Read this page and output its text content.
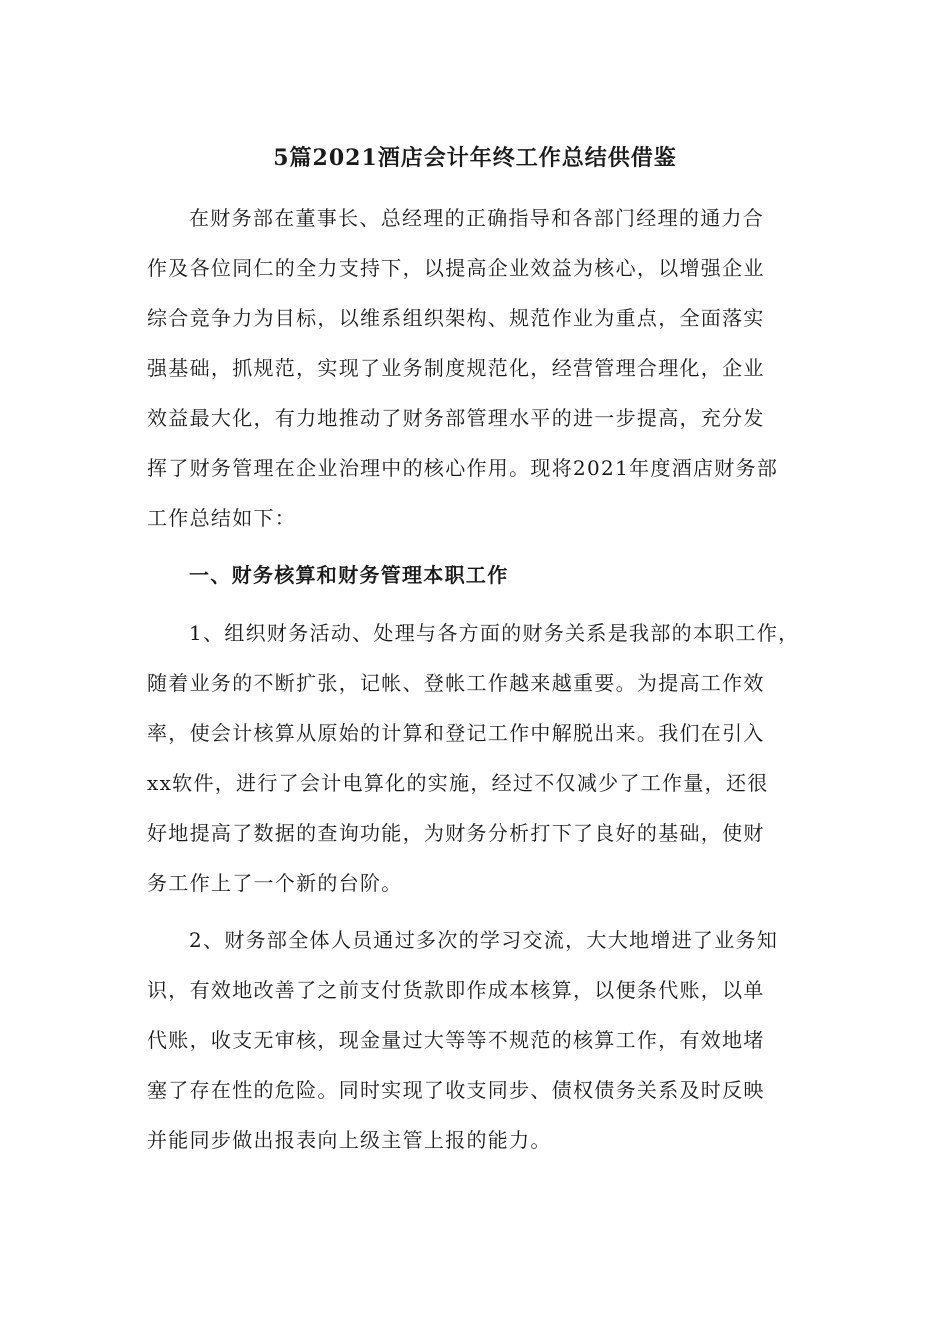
5篇2021酒店会计年终工作总结供借鉴
在财务部在董事长、总经理的正确指导和各部门经理的通力合
作及各位同仁的全力支持下，以提高企业效益为核心，以增强企业
综合竞争力为目标，以维系组织架构、规范作业为重点，全面落实
强基础，抓规范，实现了业务制度规范化，经营管理合理化，企业
效益最大化，有力地推动了财务部管理水平的进一步提高，充分发
挥了财务管理在企业治理中的核心作用。现将2021年度酒店财务部
工作总结如下：
一、财务核算和财务管理本职工作
1、组织财务活动、处理与各方面的财务关系是我部的本职工作，
随着业务的不断扩张，记帐、登帐工作越来越重要。为提高工作效
率，使会计核算从原始的计算和登记工作中解脱出来。我们在引入
xx软件，进行了会计电算化的实施，经过不仅减少了工作量，还很
好地提高了数据的查询功能，为财务分析打下了良好的基础，使财
务工作上了一个新的台阶。
2、财务部全体人员通过多次的学习交流，大大地增进了业务知
识，有效地改善了之前支付货款即作成本核算，以便条代账，以单
代账，收支无审核，现金量过大等等不规范的核算工作，有效地堵
塞了存在性的危险。同时实现了收支同步、债权债务关系及时反映
并能同步做出报表向上级主管上报的能力。
